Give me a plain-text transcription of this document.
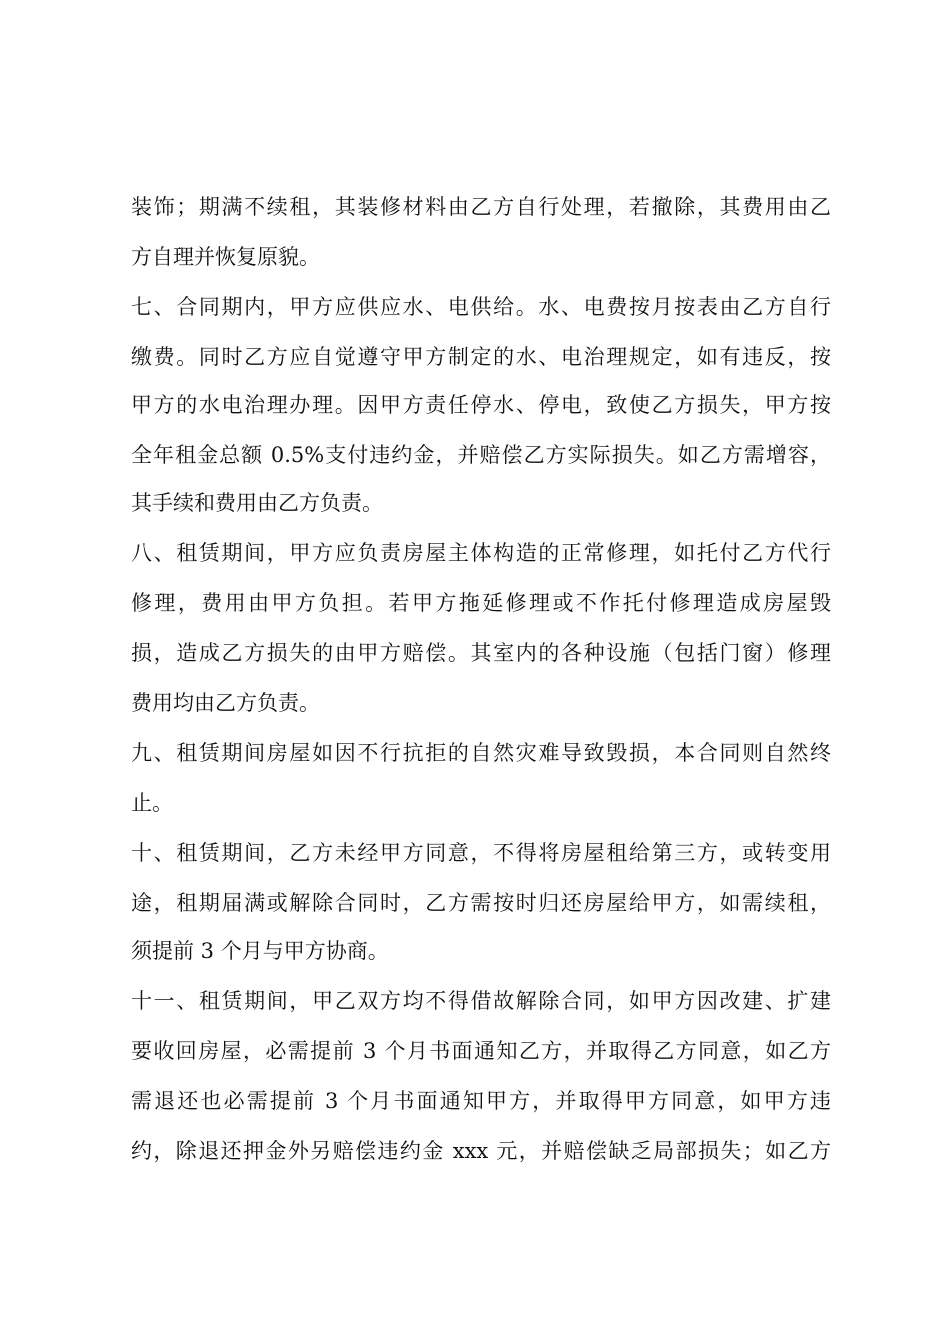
装饰；期满不续租，其装修材料由乙方自行处理，若撤除，其费用由乙
方自理并恢复原貌。
七、合同期内，甲方应供应水、电供给。水、电费按月按表由乙方自行
缴费。同时乙方应自觉遵守甲方制定的水、电治理规定，如有违反，按
甲方的水电治理办理。因甲方责任停水、停电，致使乙方损失，甲方按
全年租金总额 0.5%支付违约金，并赔偿乙方实际损失。如乙方需增容，
其手续和费用由乙方负责。
八、租赁期间，甲方应负责房屋主体构造的正常修理，如托付乙方代行
修理，费用由甲方负担。若甲方拖延修理或不作托付修理造成房屋毁
损，造成乙方损失的由甲方赔偿。其室内的各种设施（包括门窗）修理
费用均由乙方负责。
九、租赁期间房屋如因不行抗拒的自然灾难导致毁损，本合同则自然终
止。
十、租赁期间，乙方未经甲方同意，不得将房屋租给第三方，或转变用
途，租期届满或解除合同时，乙方需按时归还房屋给甲方，如需续租，
须提前 3 个月与甲方协商。
十一、租赁期间，甲乙双方均不得借故解除合同，如甲方因改建、扩建
要收回房屋，必需提前 3 个月书面通知乙方，并取得乙方同意，如乙方
需退还也必需提前 3 个月书面通知甲方，并取得甲方同意，如甲方违
约，除退还押金外另赔偿违约金 xxx 元，并赔偿缺乏局部损失；如乙方
